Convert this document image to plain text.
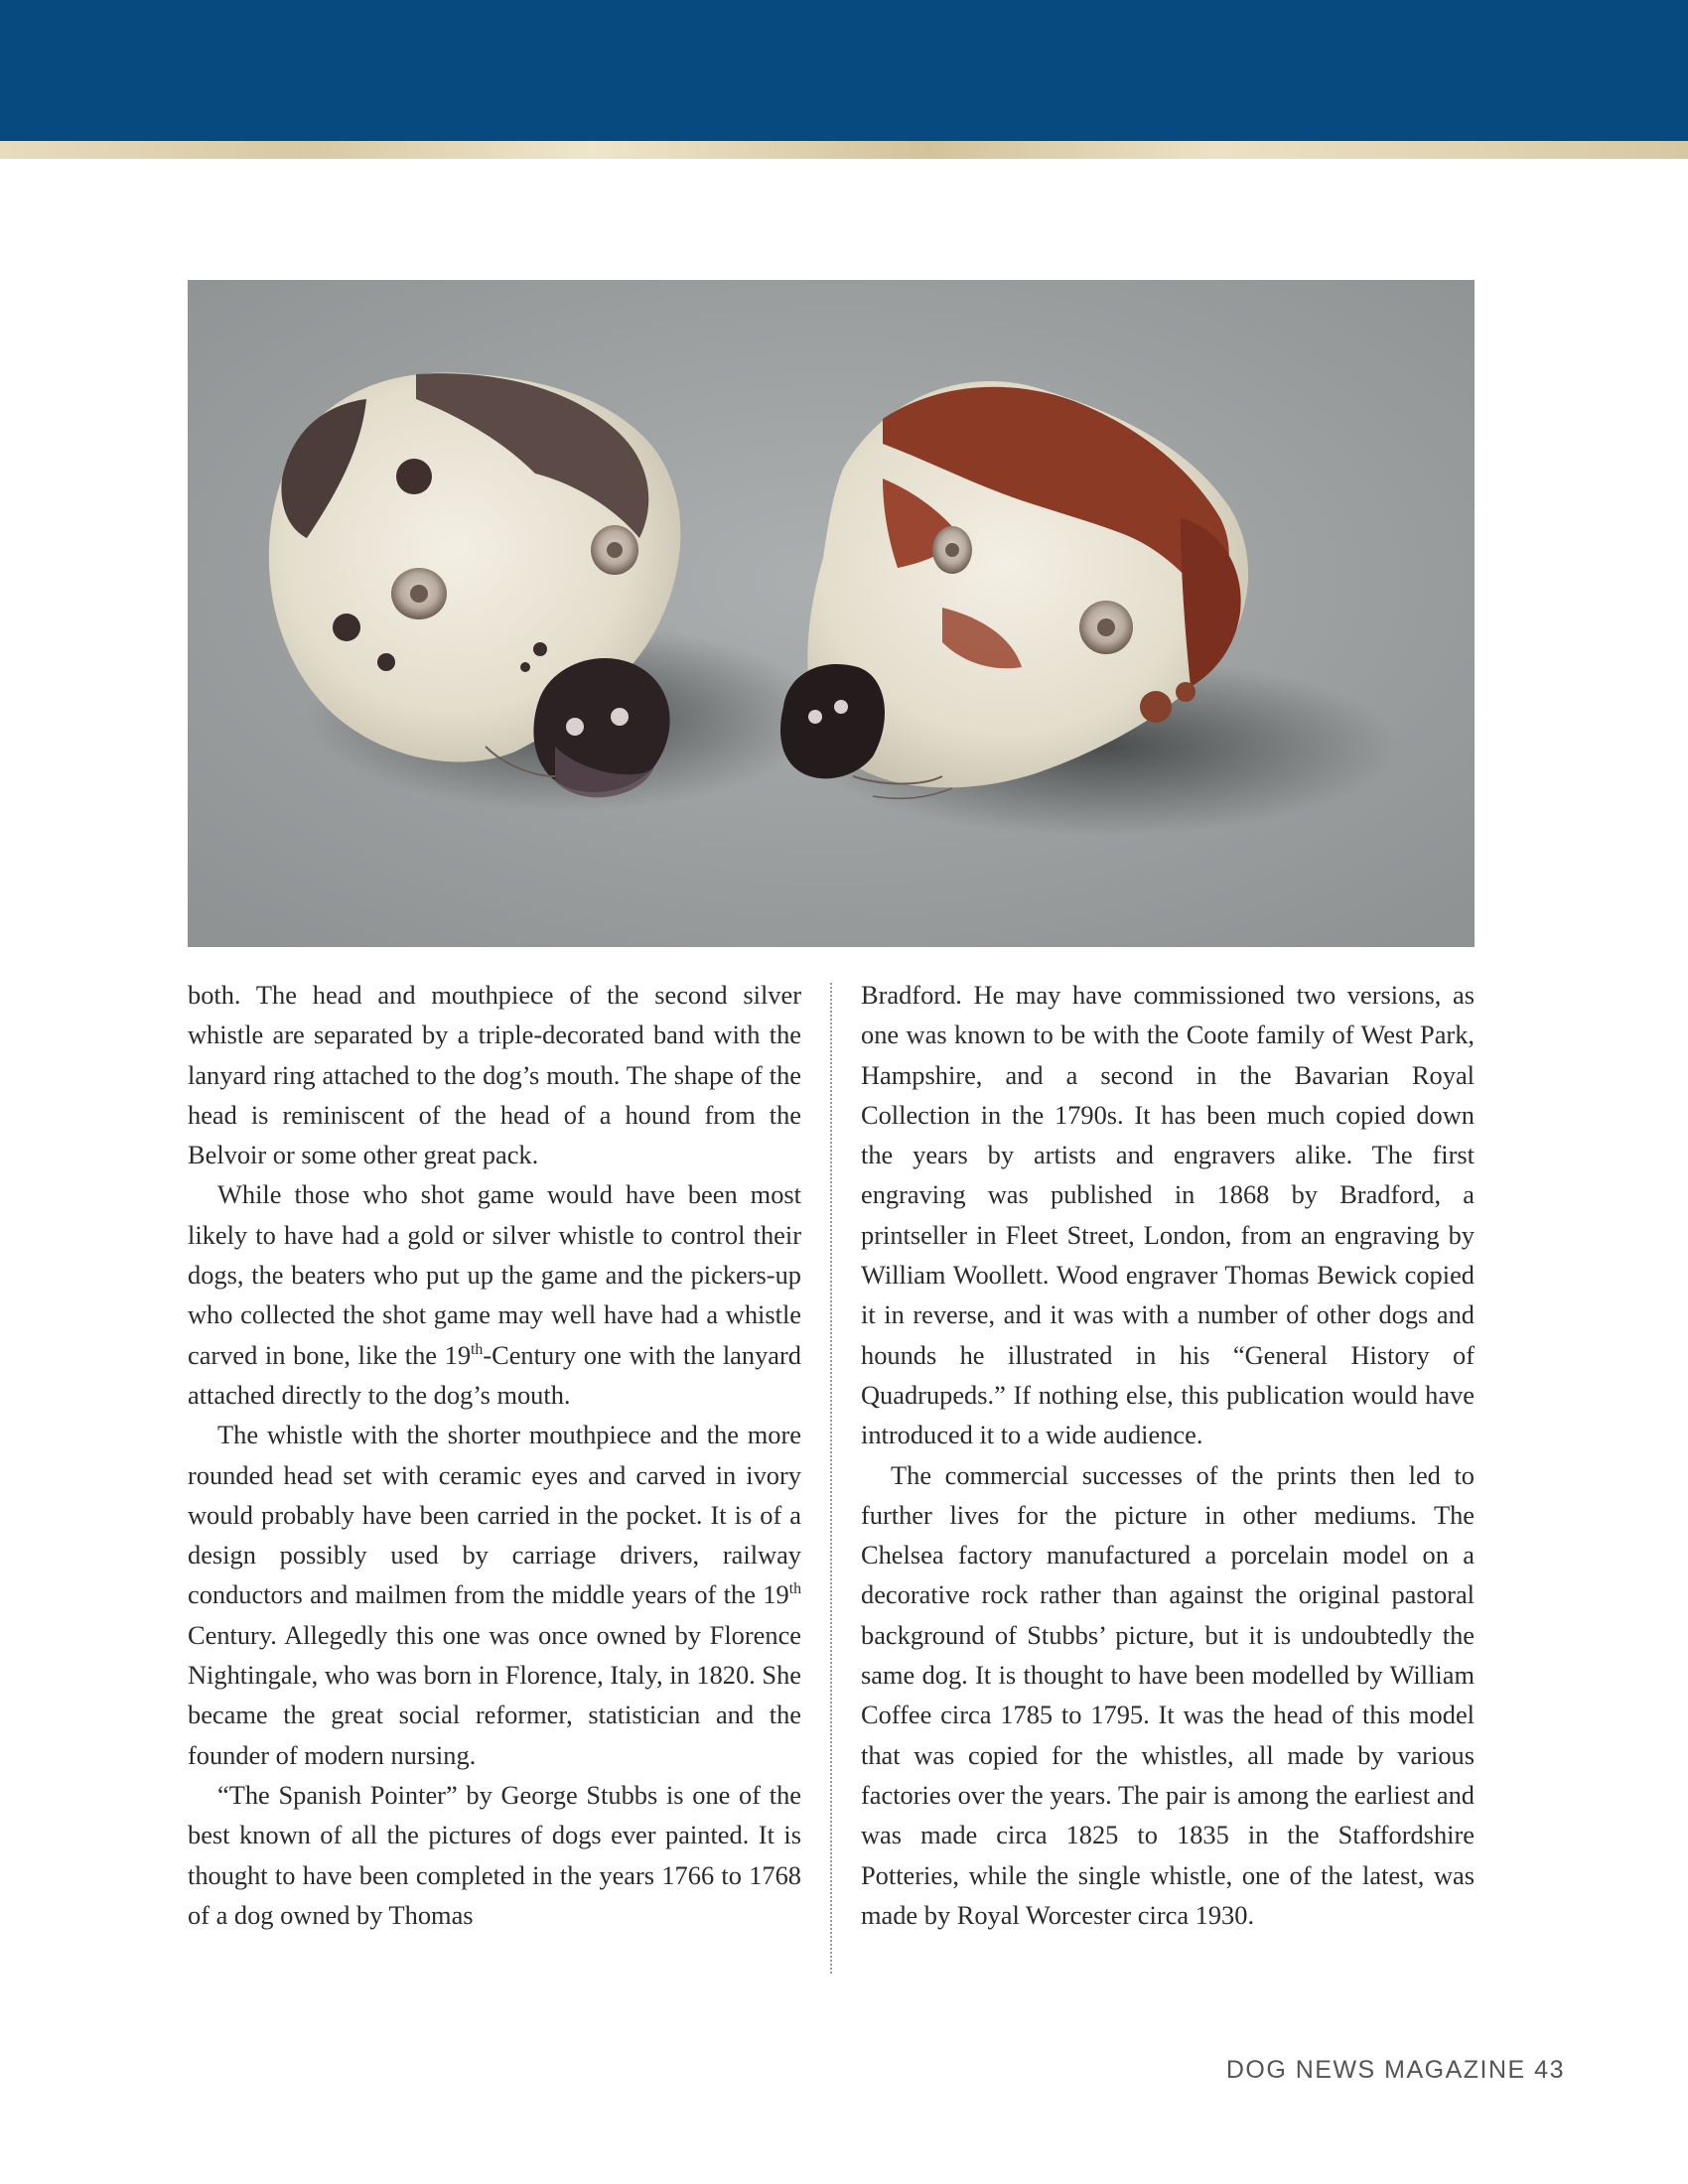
both. The head and mouthpiece of the second silver whistle are separated by a triple-decorated band with the lanyard ring attached to the dog’s mouth. The shape of the head is reminiscent of the head of a hound from the Belvoir or some other great pack.

While those who shot game would have been most likely to have had a gold or silver whistle to control their dogs, the beaters who put up the game and the pickers-up who collected the shot game may well have had a whistle carved in bone, like the 19th-Century one with the lanyard attached directly to the dog’s mouth.

The whistle with the shorter mouthpiece and the more rounded head set with ceramic eyes and carved in ivory would probably have been carried in the pocket. It is of a design possibly used by carriage drivers, railway conductors and mailmen from the middle years of the 19th Century. Allegedly this one was once owned by Florence Nightingale, who was born in Florence, Italy, in 1820. She became the great social reformer, statistician and the founder of modern nursing.

“The Spanish Pointer” by George Stubbs is one of the best known of all the pictures of dogs ever painted. It is thought to have been completed in the years 1766 to 1768 of a dog owned by Thomas

Bradford. He may have commissioned two versions, as one was known to be with the Coote family of West Park, Hampshire, and a second in the Bavarian Royal Collection in the 1790s. It has been much copied down the years by artists and engravers alike. The first engraving was published in 1868 by Bradford, a printseller in Fleet Street, London, from an engraving by William Woollett. Wood engraver Thomas Bewick copied it in reverse, and it was with a number of other dogs and hounds he illustrated in his “General History of Quadrupeds.” If nothing else, this publication would have introduced it to a wide audience.

The commercial successes of the prints then led to further lives for the picture in other mediums. The Chelsea factory manufactured a porcelain model on a decorative rock rather than against the original pastoral background of Stubbs’ picture, but it is undoubtedly the same dog. It is thought to have been modelled by William Coffee circa 1785 to 1795. It was the head of this model that was copied for the whistles, all made by various factories over the years. The pair is among the earliest and was made circa 1825 to 1835 in the Staffordshire Potteries, while the single whistle, one of the latest, was made by Royal Worcester circa 1930.

DOG NEWS MAGAZINE 43
